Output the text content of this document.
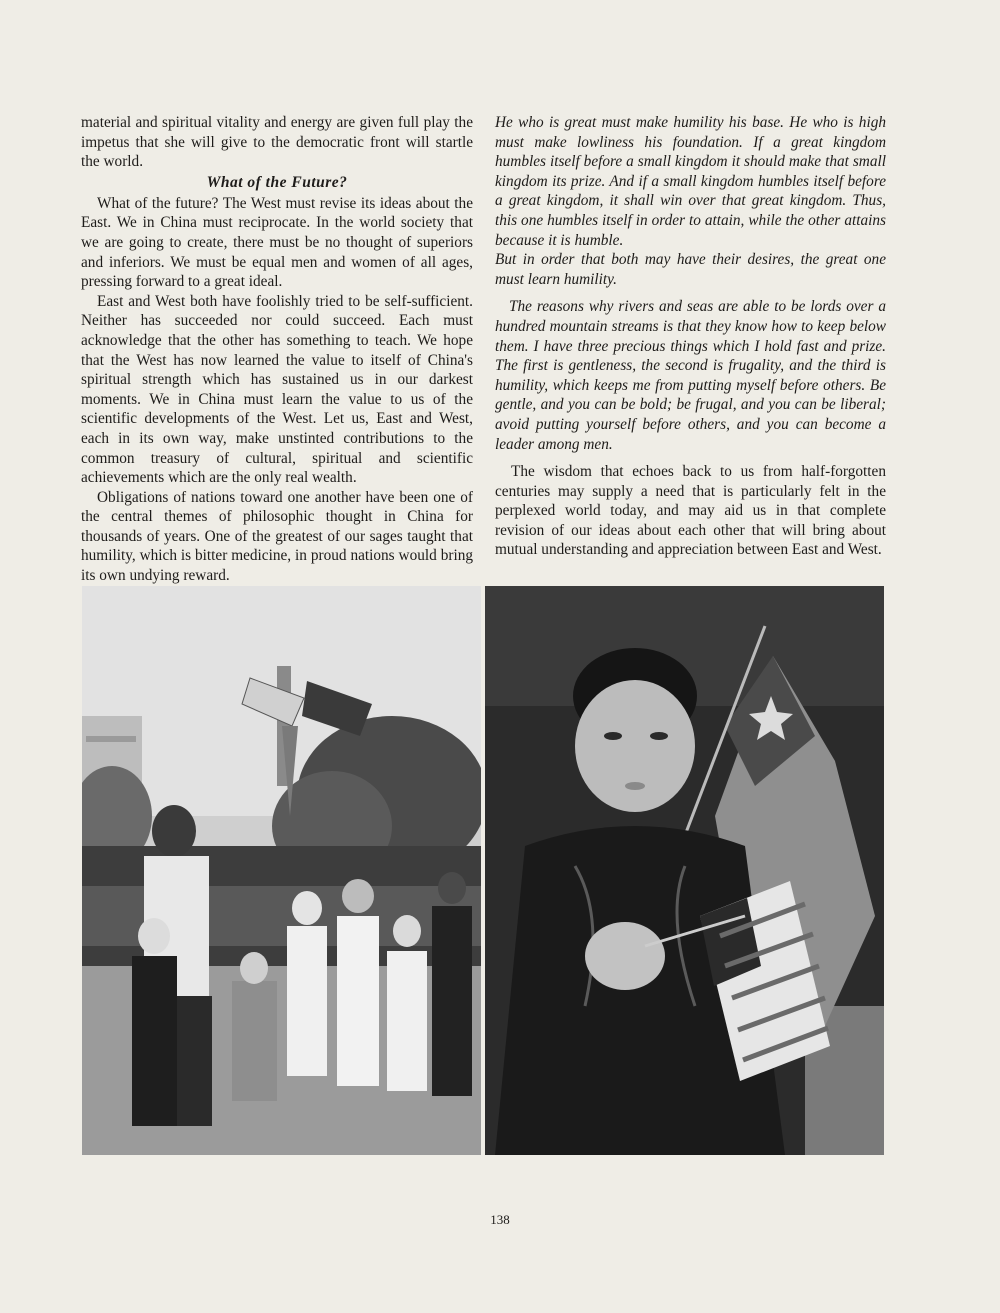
material and spiritual vitality and energy are given full play the impetus that she will give to the democratic front will startle the world.

What of the Future?

What of the future? The West must revise its ideas about the East. We in China must reciprocate. In the world society that we are going to create, there must be no thought of superiors and inferiors. We must be equal men and women of all ages, pressing forward to a great ideal.

East and West both have foolishly tried to be self-sufficient. Neither has succeeded nor could succeed. Each must acknowledge that the other has something to teach. We hope that the West has now learned the value to itself of China's spiritual strength which has sustained us in our darkest moments. We in China must learn the value to us of the scientific developments of the West. Let us, East and West, each in its own way, make unstinted contributions to the common treasury of cultural, spiritual and scientific achievements which are the only real wealth.

Obligations of nations toward one another have been one of the central themes of philosophic thought in China for thousands of years. One of the greatest of our sages taught that humility, which is bitter medicine, in proud nations would bring its own undying reward.

He who is great must make humility his base. He who is high must make lowliness his foundation. If a great kingdom humbles itself before a small kingdom it should make that small kingdom its prize. And if a small kingdom humbles itself before a great kingdom, it shall win over that great kingdom. Thus, this one humbles itself in order to attain, while the other attains because it is humble.

But in order that both may have their desires, the great one must learn humility.

The reasons why rivers and seas are able to be lords over a hundred mountain streams is that they know how to keep below them. I have three precious things which I hold fast and prize. The first is gentleness, the second is frugality, and the third is humility, which keeps me from putting myself before others. Be gentle, and you can be bold; be frugal, and you can be liberal; avoid putting yourself before others, and you can become a leader among men.

The wisdom that echoes back to us from half-forgotten centuries may supply a need that is particularly felt in the perplexed world today, and may aid us in that complete revision of our ideas about each other that will bring about mutual understanding and appreciation between East and West.

138
